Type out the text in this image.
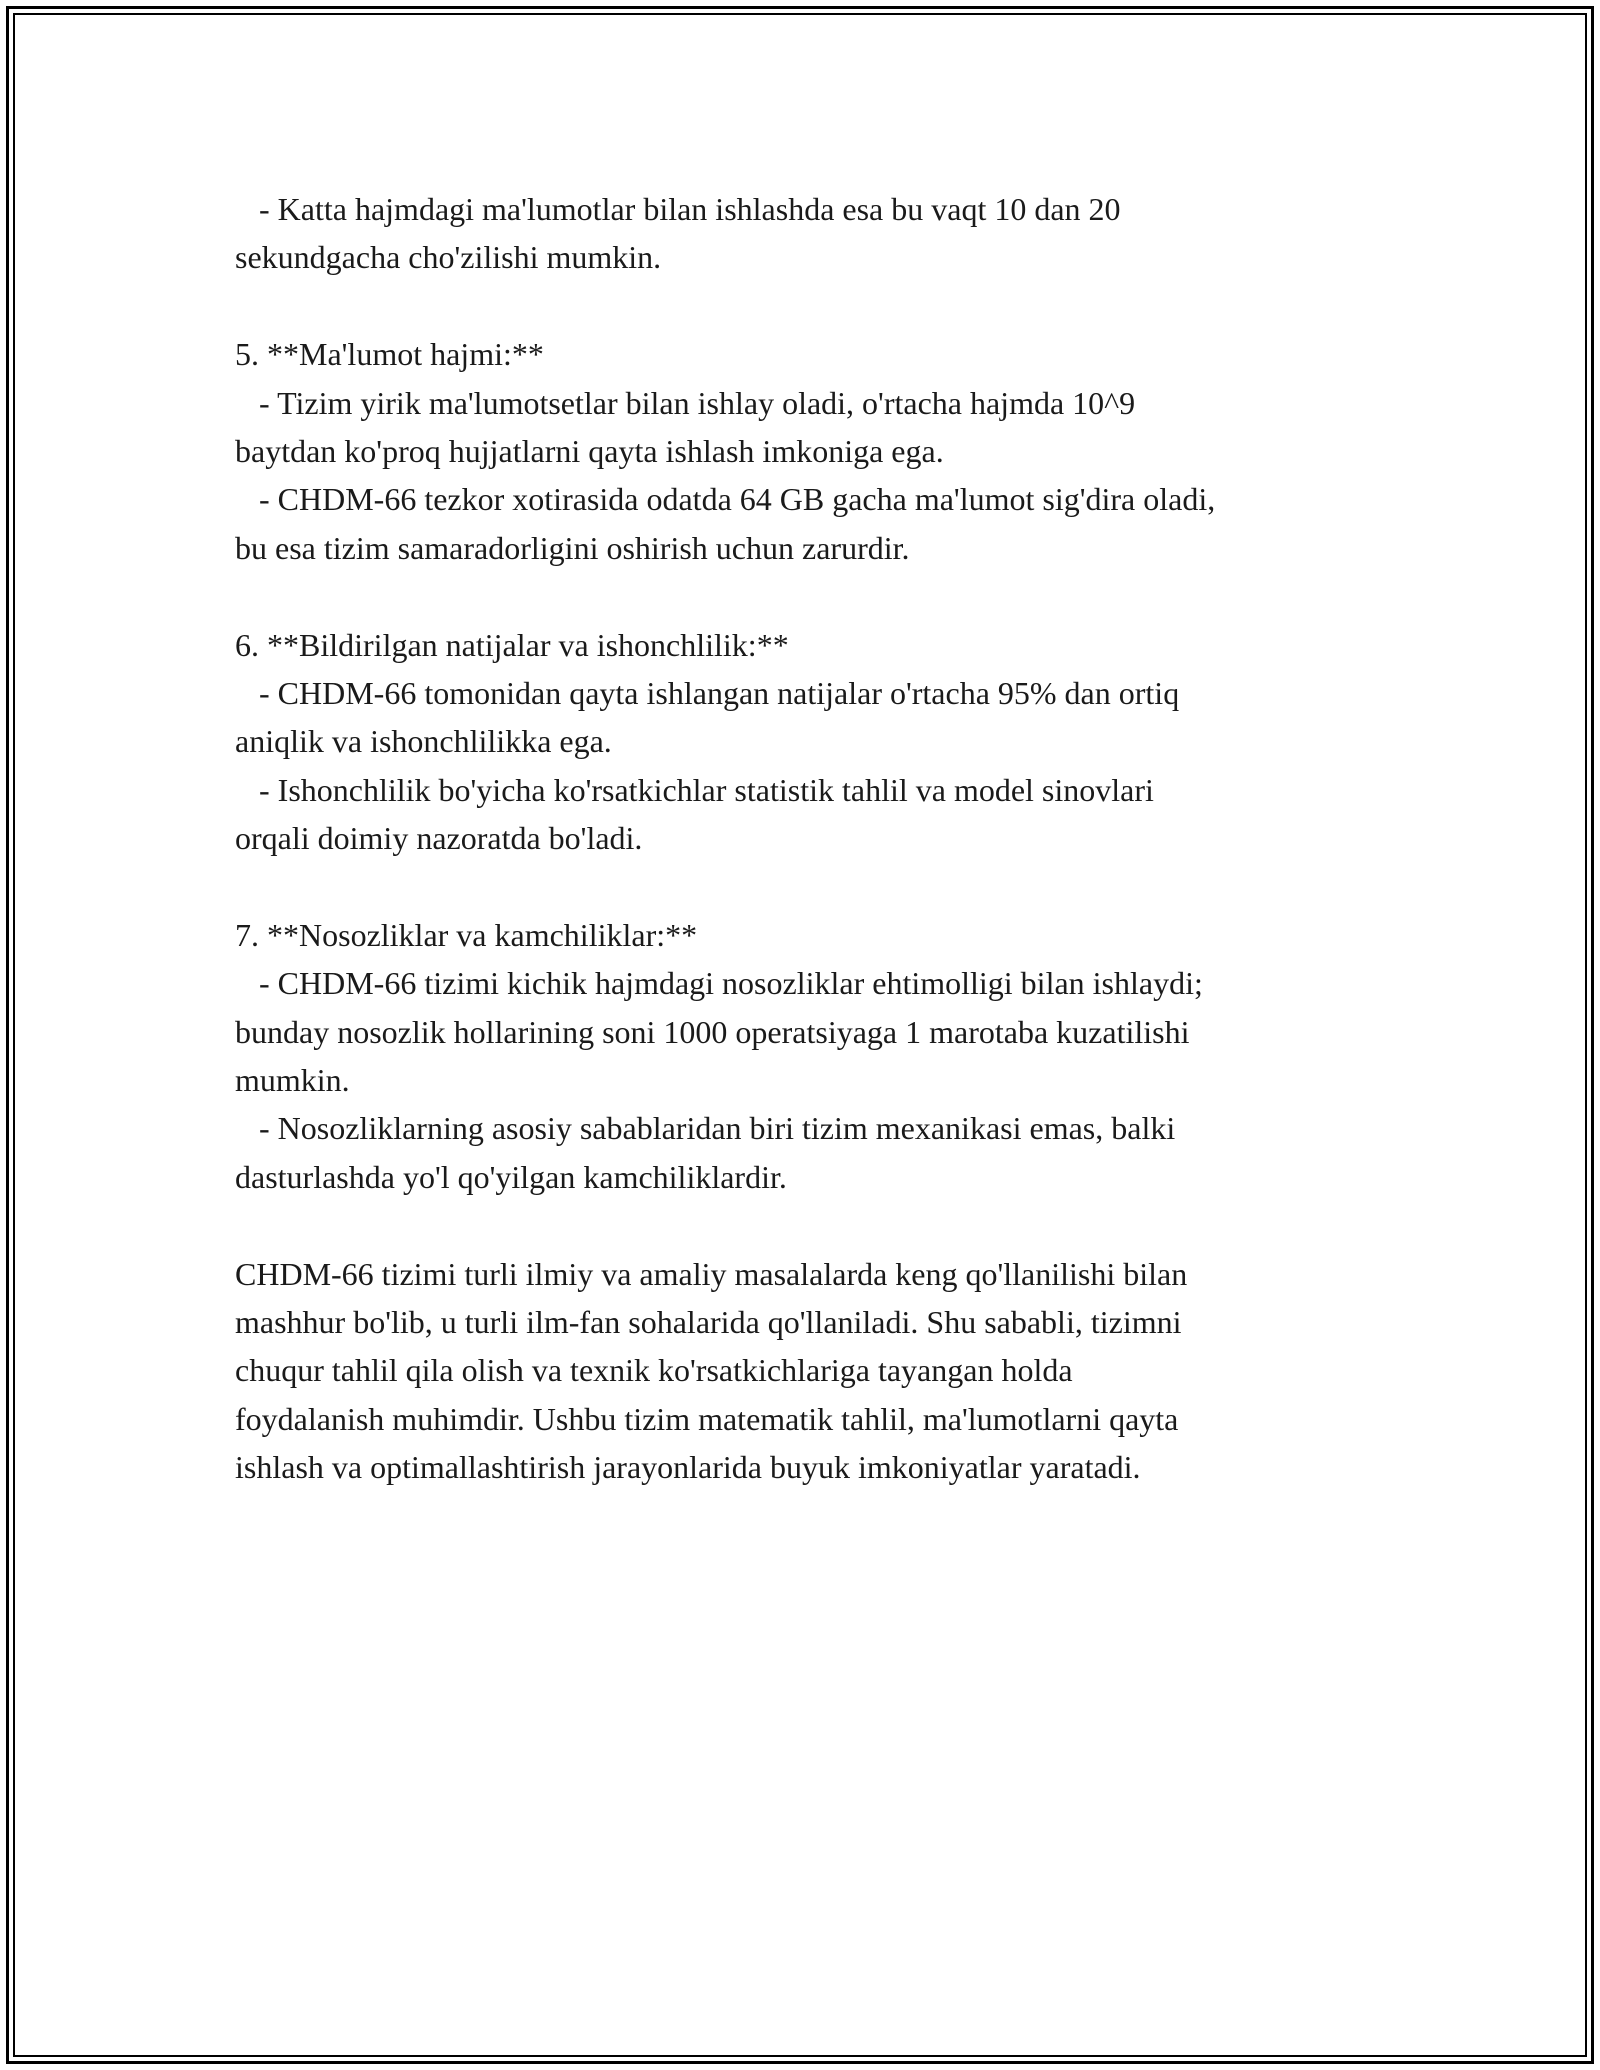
- Katta hajmdagi ma'lumotlar bilan ishlashda esa bu vaqt 10 dan 20
sekundgacha cho'zilishi mumkin.
5. **Ma'lumot hajmi:**
- Tizim yirik ma'lumotsetlar bilan ishlay oladi, o'rtacha hajmda 10^9
baytdan ko'proq hujjatlarni qayta ishlash imkoniga ega.
- CHDM-66 tezkor xotirasida odatda 64 GB gacha ma'lumot sig'dira oladi,
bu esa tizim samaradorligini oshirish uchun zarurdir.
6. **Bildirilgan natijalar va ishonchlilik:**
- CHDM-66 tomonidan qayta ishlangan natijalar o'rtacha 95% dan ortiq
aniqlik va ishonchlilikka ega.
- Ishonchlilik bo'yicha ko'rsatkichlar statistik tahlil va model sinovlari
orqali doimiy nazoratda bo'ladi.
7. **Nosozliklar va kamchiliklar:**
- CHDM-66 tizimi kichik hajmdagi nosozliklar ehtimolligi bilan ishlaydi;
bunday nosozlik hollarining soni 1000 operatsiyaga 1 marotaba kuzatilishi
mumkin.
- Nosozliklarning asosiy sabablaridan biri tizim mexanikasi emas, balki
dasturlashda yo'l qo'yilgan kamchiliklardir.
CHDM-66 tizimi turli ilmiy va amaliy masalalarda keng qo'llanilishi bilan
mashhur bo'lib, u turli ilm-fan sohalarida qo'llaniladi. Shu sababli, tizimni
chuqur tahlil qila olish va texnik ko'rsatkichlariga tayangan holda
foydalanish muhimdir. Ushbu tizim matematik tahlil, ma'lumotlarni qayta
ishlash va optimallashtirish jarayonlarida buyuk imkoniyatlar yaratadi.
